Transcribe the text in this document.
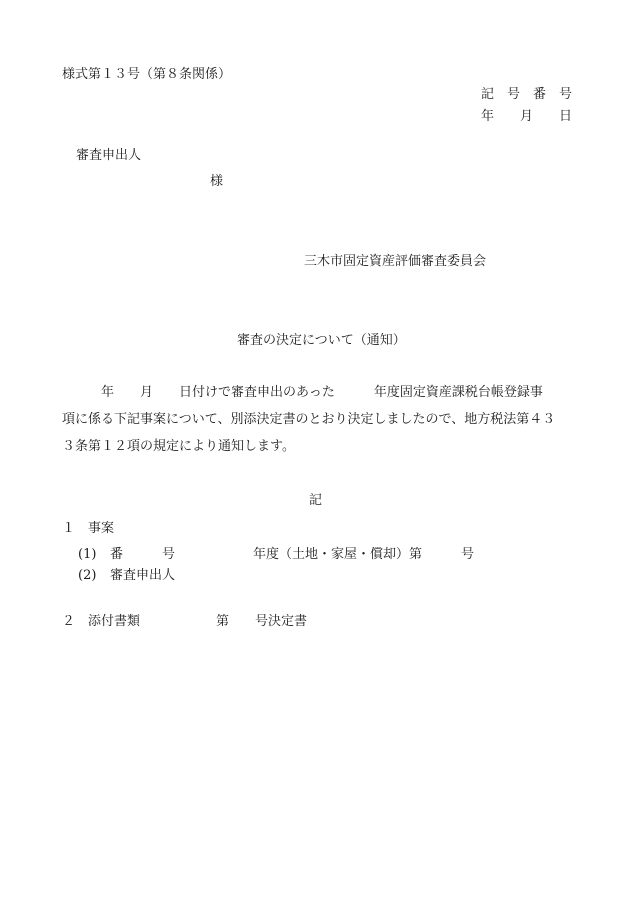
様式第１３号（第８条関係）
記　号　番　号
年　　月　　日
審査申出人
様
三木市固定資産評価審査委員会
審査の決定について（通知）
　　　年　　月　　日付けで審査申出のあった　　　年度固定資産課税台帳登録事
項に係る下記事案について、別添決定書のとおり決定しましたので、地方税法第４３
３条第１２項の規定により通知します。
記
１　事案
(1) 番　　　号　　　　　　年度（土地・家屋・償却）第　　　号
(2) 審査申出人
２　添付書類	第　　号決定書
